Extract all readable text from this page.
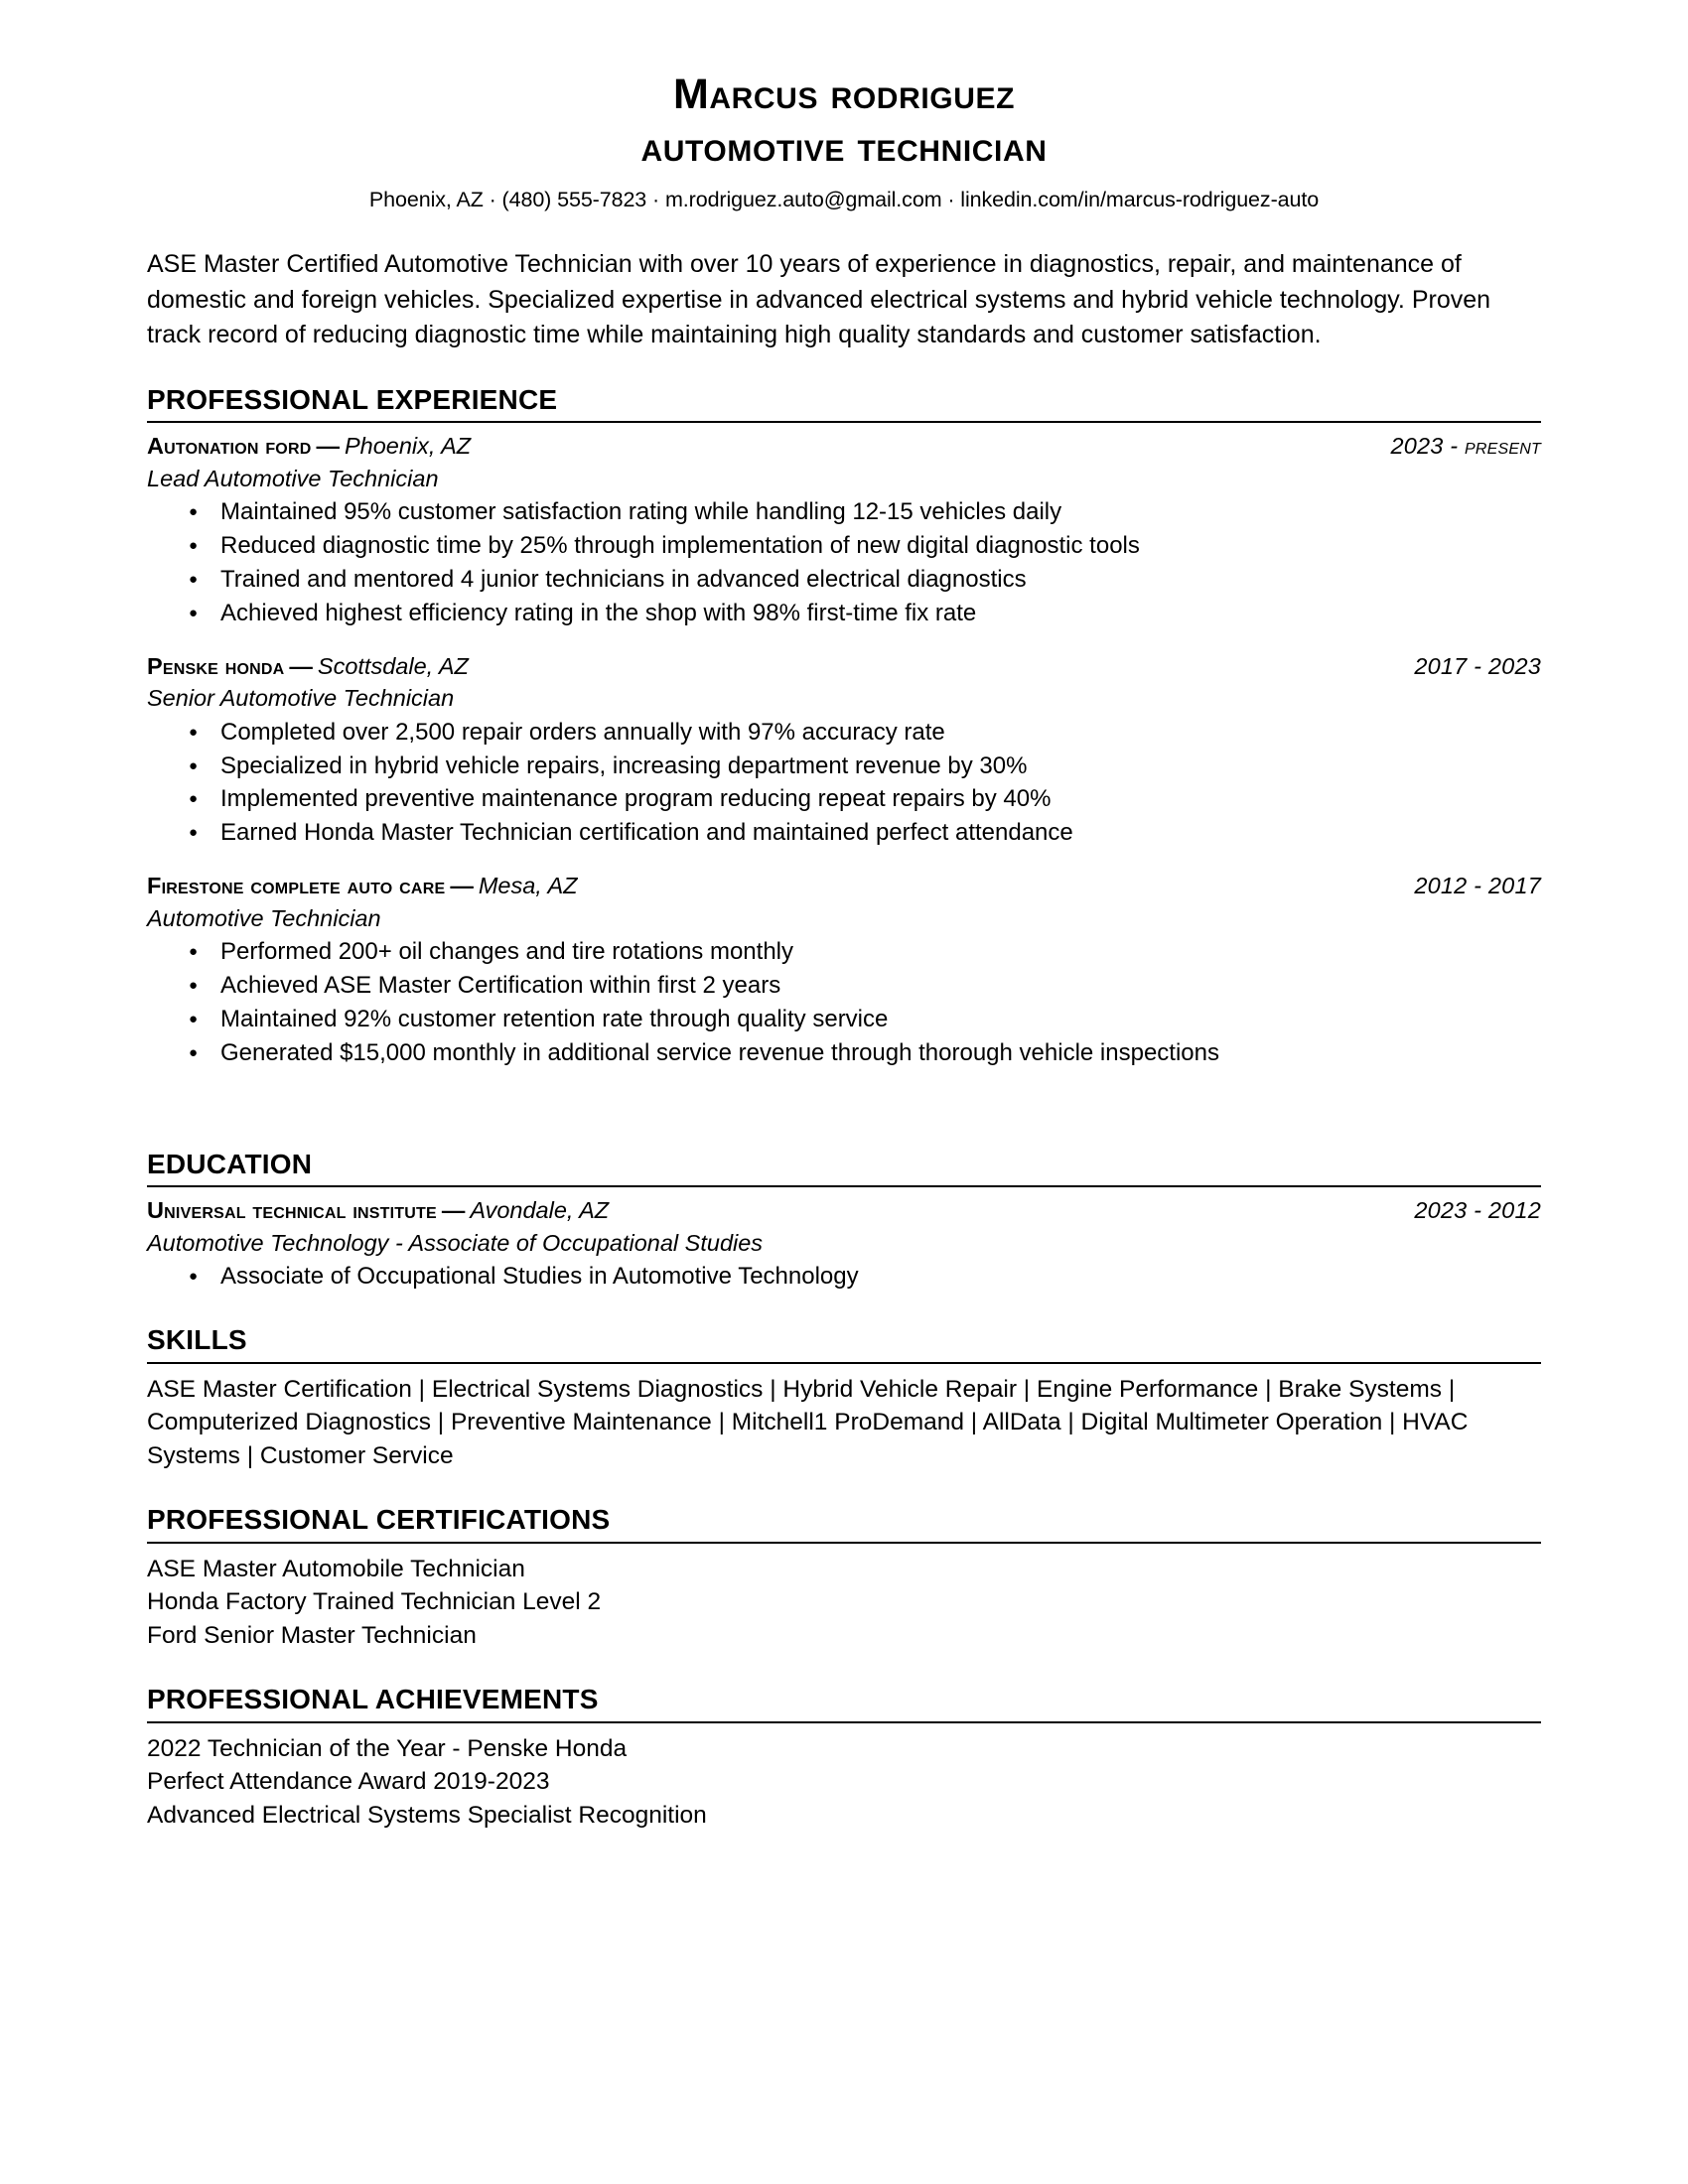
Marcus rodriguez
automotive technician
Phoenix, AZ · (480) 555-7823 · m.rodriguez.auto@gmail.com · linkedin.com/in/marcus-rodriguez-auto
ASE Master Certified Automotive Technician with over 10 years of experience in diagnostics, repair, and maintenance of domestic and foreign vehicles. Specialized expertise in advanced electrical systems and hybrid vehicle technology. Proven track record of reducing diagnostic time while maintaining high quality standards and customer satisfaction.
PROFESSIONAL EXPERIENCE
Autonation ford — Phoenix, AZ	2023 - present
Lead Automotive Technician
● Maintained 95% customer satisfaction rating while handling 12-15 vehicles daily
● Reduced diagnostic time by 25% through implementation of new digital diagnostic tools
● Trained and mentored 4 junior technicians in advanced electrical diagnostics
● Achieved highest efficiency rating in the shop with 98% first-time fix rate
Penske honda — Scottsdale, AZ	2017 - 2023
Senior Automotive Technician
● Completed over 2,500 repair orders annually with 97% accuracy rate
● Specialized in hybrid vehicle repairs, increasing department revenue by 30%
● Implemented preventive maintenance program reducing repeat repairs by 40%
● Earned Honda Master Technician certification and maintained perfect attendance
Firestone complete auto care — Mesa, AZ	2012 - 2017
Automotive Technician
● Performed 200+ oil changes and tire rotations monthly
● Achieved ASE Master Certification within first 2 years
● Maintained 92% customer retention rate through quality service
● Generated $15,000 monthly in additional service revenue through thorough vehicle inspections
EDUCATION
Universal technical institute — Avondale, AZ	2023 - 2012
Automotive Technology - Associate of Occupational Studies
● Associate of Occupational Studies in Automotive Technology
SKILLS
ASE Master Certification | Electrical Systems Diagnostics | Hybrid Vehicle Repair | Engine Performance | Brake Systems | Computerized Diagnostics | Preventive Maintenance | Mitchell1 ProDemand | AllData | Digital Multimeter Operation | HVAC Systems | Customer Service
PROFESSIONAL CERTIFICATIONS
ASE Master Automobile Technician
Honda Factory Trained Technician Level 2
Ford Senior Master Technician
PROFESSIONAL ACHIEVEMENTS
2022 Technician of the Year - Penske Honda
Perfect Attendance Award 2019-2023
Advanced Electrical Systems Specialist Recognition
